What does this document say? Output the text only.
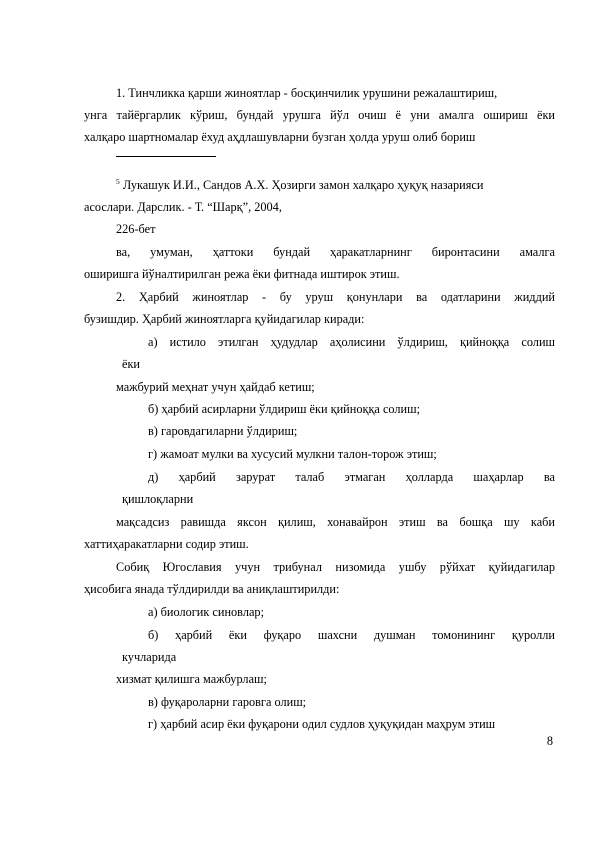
1. Тинчликка қарши жиноятлар - босқинчилик урушини режалаштириш,
унга тайёргарлик кўриш, бундай урушга йўл очиш ё уни амалга ошириш ёки
халқаро шартномалар ёхуд аҳдлашувларни бузган ҳолда уруш олиб бориш
$^5$ Лукашук И.И., Сандов А.Х. Ҳозирги замон халқаро ҳуқуқ назарияси
асослари. Дарслик. - Т. “Шарқ”, 2004,
226-бет
ва, умуман, ҳаттоки бундай ҳаракатларнинг биронтасини амалга
оширишга йўналтирилган режа ёки фитнада иштирок этиш.
2. Ҳарбий жиноятлар - бу уруш қонунлари ва одатларини жиддий
бузишдир. Ҳарбий жиноятларга қуйидагилар киради:
а) истило этилган ҳудудлар аҳолисини ўлдириш, қийноққа солиш
ёки
мажбурий меҳнат учун ҳайдаб кетиш;
б) ҳарбий асирларни ўлдириш ёки қийноққа солиш;
в) гаровдагиларни ўлдириш;
г) жамоат мулки ва хусусий мулкни талон-торож этиш;
д) ҳарбий зарурат талаб этмаган ҳолларда шаҳарлар ва
қишлоқларни
мақсадсиз равишда яксон қилиш, хонавайрон этиш ва бошқа шу каби
хаттиҳаракатларни содир этиш.
Собиқ Югославия учун трибунал низомида ушбу рўйхат қуйидагилар
ҳисобига янада тўлдирилди ва аниқлаштирилди:
а) биологик синовлар;
б) ҳарбий ёки фуқаро шахсни душман томонининг қуролли
кучларида
хизмат қилишга мажбурлаш;
в) фуқароларни гаровга олиш;
г) ҳарбий асир ёки фуқарони одил судлов ҳуқуқидан маҳрум этиш
8
